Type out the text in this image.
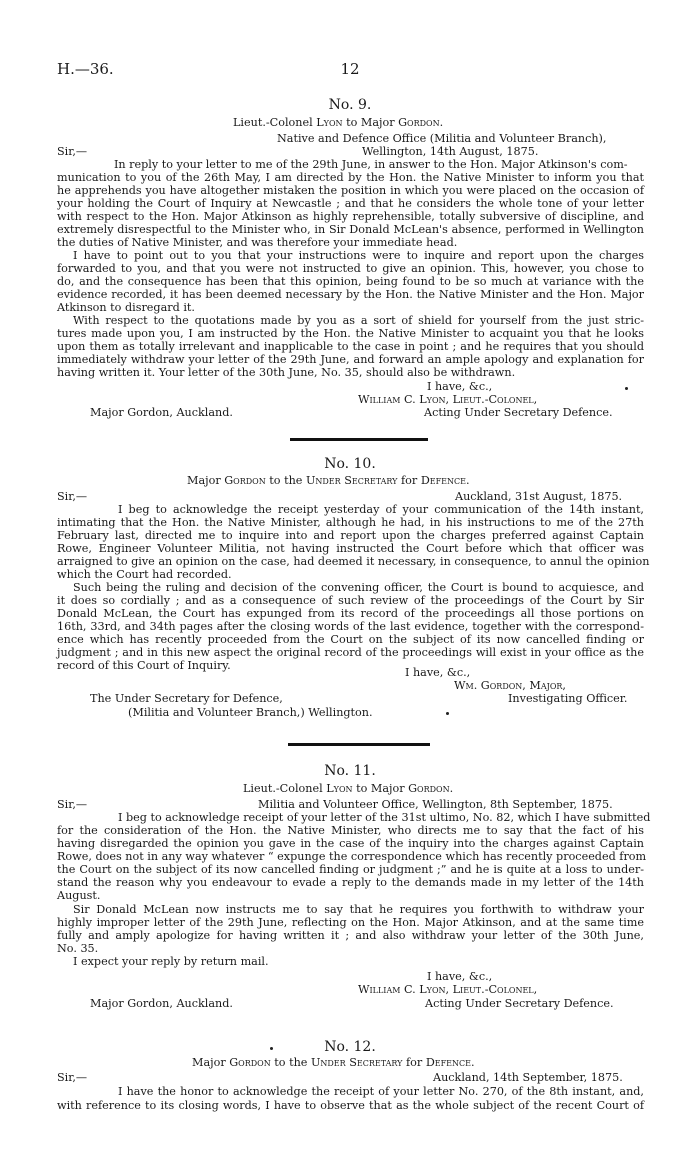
H.—36.	12
No. 9.
Lieut.-Colonel Lyon to Major Gordon.
Native and Defence Office (Militia and Volunteer Branch),
Sir,—	Wellington, 14th August, 1875.
In reply to your letter to me of the 29th June, in answer to the Hon. Major Atkinson's com-
munication to you of the 26th May, I am directed by the Hon. the Native Minister to inform you that
he apprehends you have altogether mistaken the position in which you were placed on the occasion of
your holding the Court of Inquiry at Newcastle ; and that he considers the whole tone of your letter
with respect to the Hon. Major Atkinson as highly reprehensible, totally subversive of discipline, and
extremely disrespectful to the Minister who, in Sir Donald McLean's absence, performed in Wellington
the duties of Native Minister, and was therefore your immediate head.
I have to point out to you that your instructions were to inquire and report upon the charges
forwarded to you, and that you were not instructed to give an opinion. This, however, you chose to
do, and the consequence has been that this opinion, being found to be so much at variance with the
evidence recorded, it has been deemed necessary by the Hon. the Native Minister and the Hon. Major
Atkinson to disregard it.
With respect to the quotations made by you as a sort of shield for yourself from the just stric-
tures made upon you, I am instructed by the Hon. the Native Minister to acquaint you that he looks
upon them as totally irrelevant and inapplicable to the case in point ; and he requires that you should
immediately withdraw your letter of the 29th June, and forward an ample apology and explanation for
having written it. Your letter of the 30th June, No. 35, should also be withdrawn.
I have, &c.,
William C. Lyon, Lieut.-Colonel,
Major Gordon, Auckland.	Acting Under Secretary Defence.
No. 10.
Major Gordon to the Under Secretary for Defence.
Sir,—	Auckland, 31st August, 1875.
I beg to acknowledge the receipt yesterday of your communication of the 14th instant,
intimating that the Hon. the Native Minister, although he had, in his instructions to me of the 27th
February last, directed me to inquire into and report upon the charges preferred against Captain
Rowe, Engineer Volunteer Militia, not having instructed the Court before which that officer was
arraigned to give an opinion on the case, had deemed it necessary, in consequence, to annul the opinion
which the Court had recorded.
Such being the ruling and decision of the convening officer, the Court is bound to acquiesce, and
it does so cordially ; and as a consequence of such review of the proceedings of the Court by Sir
Donald McLean, the Court has expunged from its record of the proceedings all those portions on
16th, 33rd, and 34th pages after the closing words of the last evidence, together with the correspond-
ence which has recently proceeded from the Court on the subject of its now cancelled finding or
judgment ; and in this new aspect the original record of the proceedings will exist in your office as the
record of this Court of Inquiry.
I have, &c.,
Wm. Gordon, Major,
The Under Secretary for Defence,	Investigating Officer.
(Militia and Volunteer Branch,) Wellington.
No. 11.
Lieut.-Colonel Lyon to Major Gordon.
Sir,—	Militia and Volunteer Office, Wellington, 8th September, 1875.
I beg to acknowledge receipt of your letter of the 31st ultimo, No. 82, which I have submitted
for the consideration of the Hon. the Native Minister, who directs me to say that the fact of his
having disregarded the opinion you gave in the case of the inquiry into the charges against Captain
Rowe, does not in any way whatever “ expunge the correspondence which has recently proceeded from
the Court on the subject of its now cancelled finding or judgment ;” and he is quite at a loss to under-
stand the reason why you endeavour to evade a reply to the demands made in my letter of the 14th
August.
Sir Donald McLean now instructs me to say that he requires you forthwith to withdraw your
highly improper letter of the 29th June, reflecting on the Hon. Major Atkinson, and at the same time
fully and amply apologize for having written it ; and also withdraw your letter of the 30th June,
No. 35.
I expect your reply by return mail.
I have, &c.,
William C. Lyon, Lieut.-Colonel,
Major Gordon, Auckland.	Acting Under Secretary Defence.
No. 12.
Major Gordon to the Under Secretary for Defence.
Sir,—	Auckland, 14th September, 1875.
I have the honor to acknowledge the receipt of your letter No. 270, of the 8th instant, and,
with reference to its closing words, I have to observe that as the whole subject of the recent Court of
